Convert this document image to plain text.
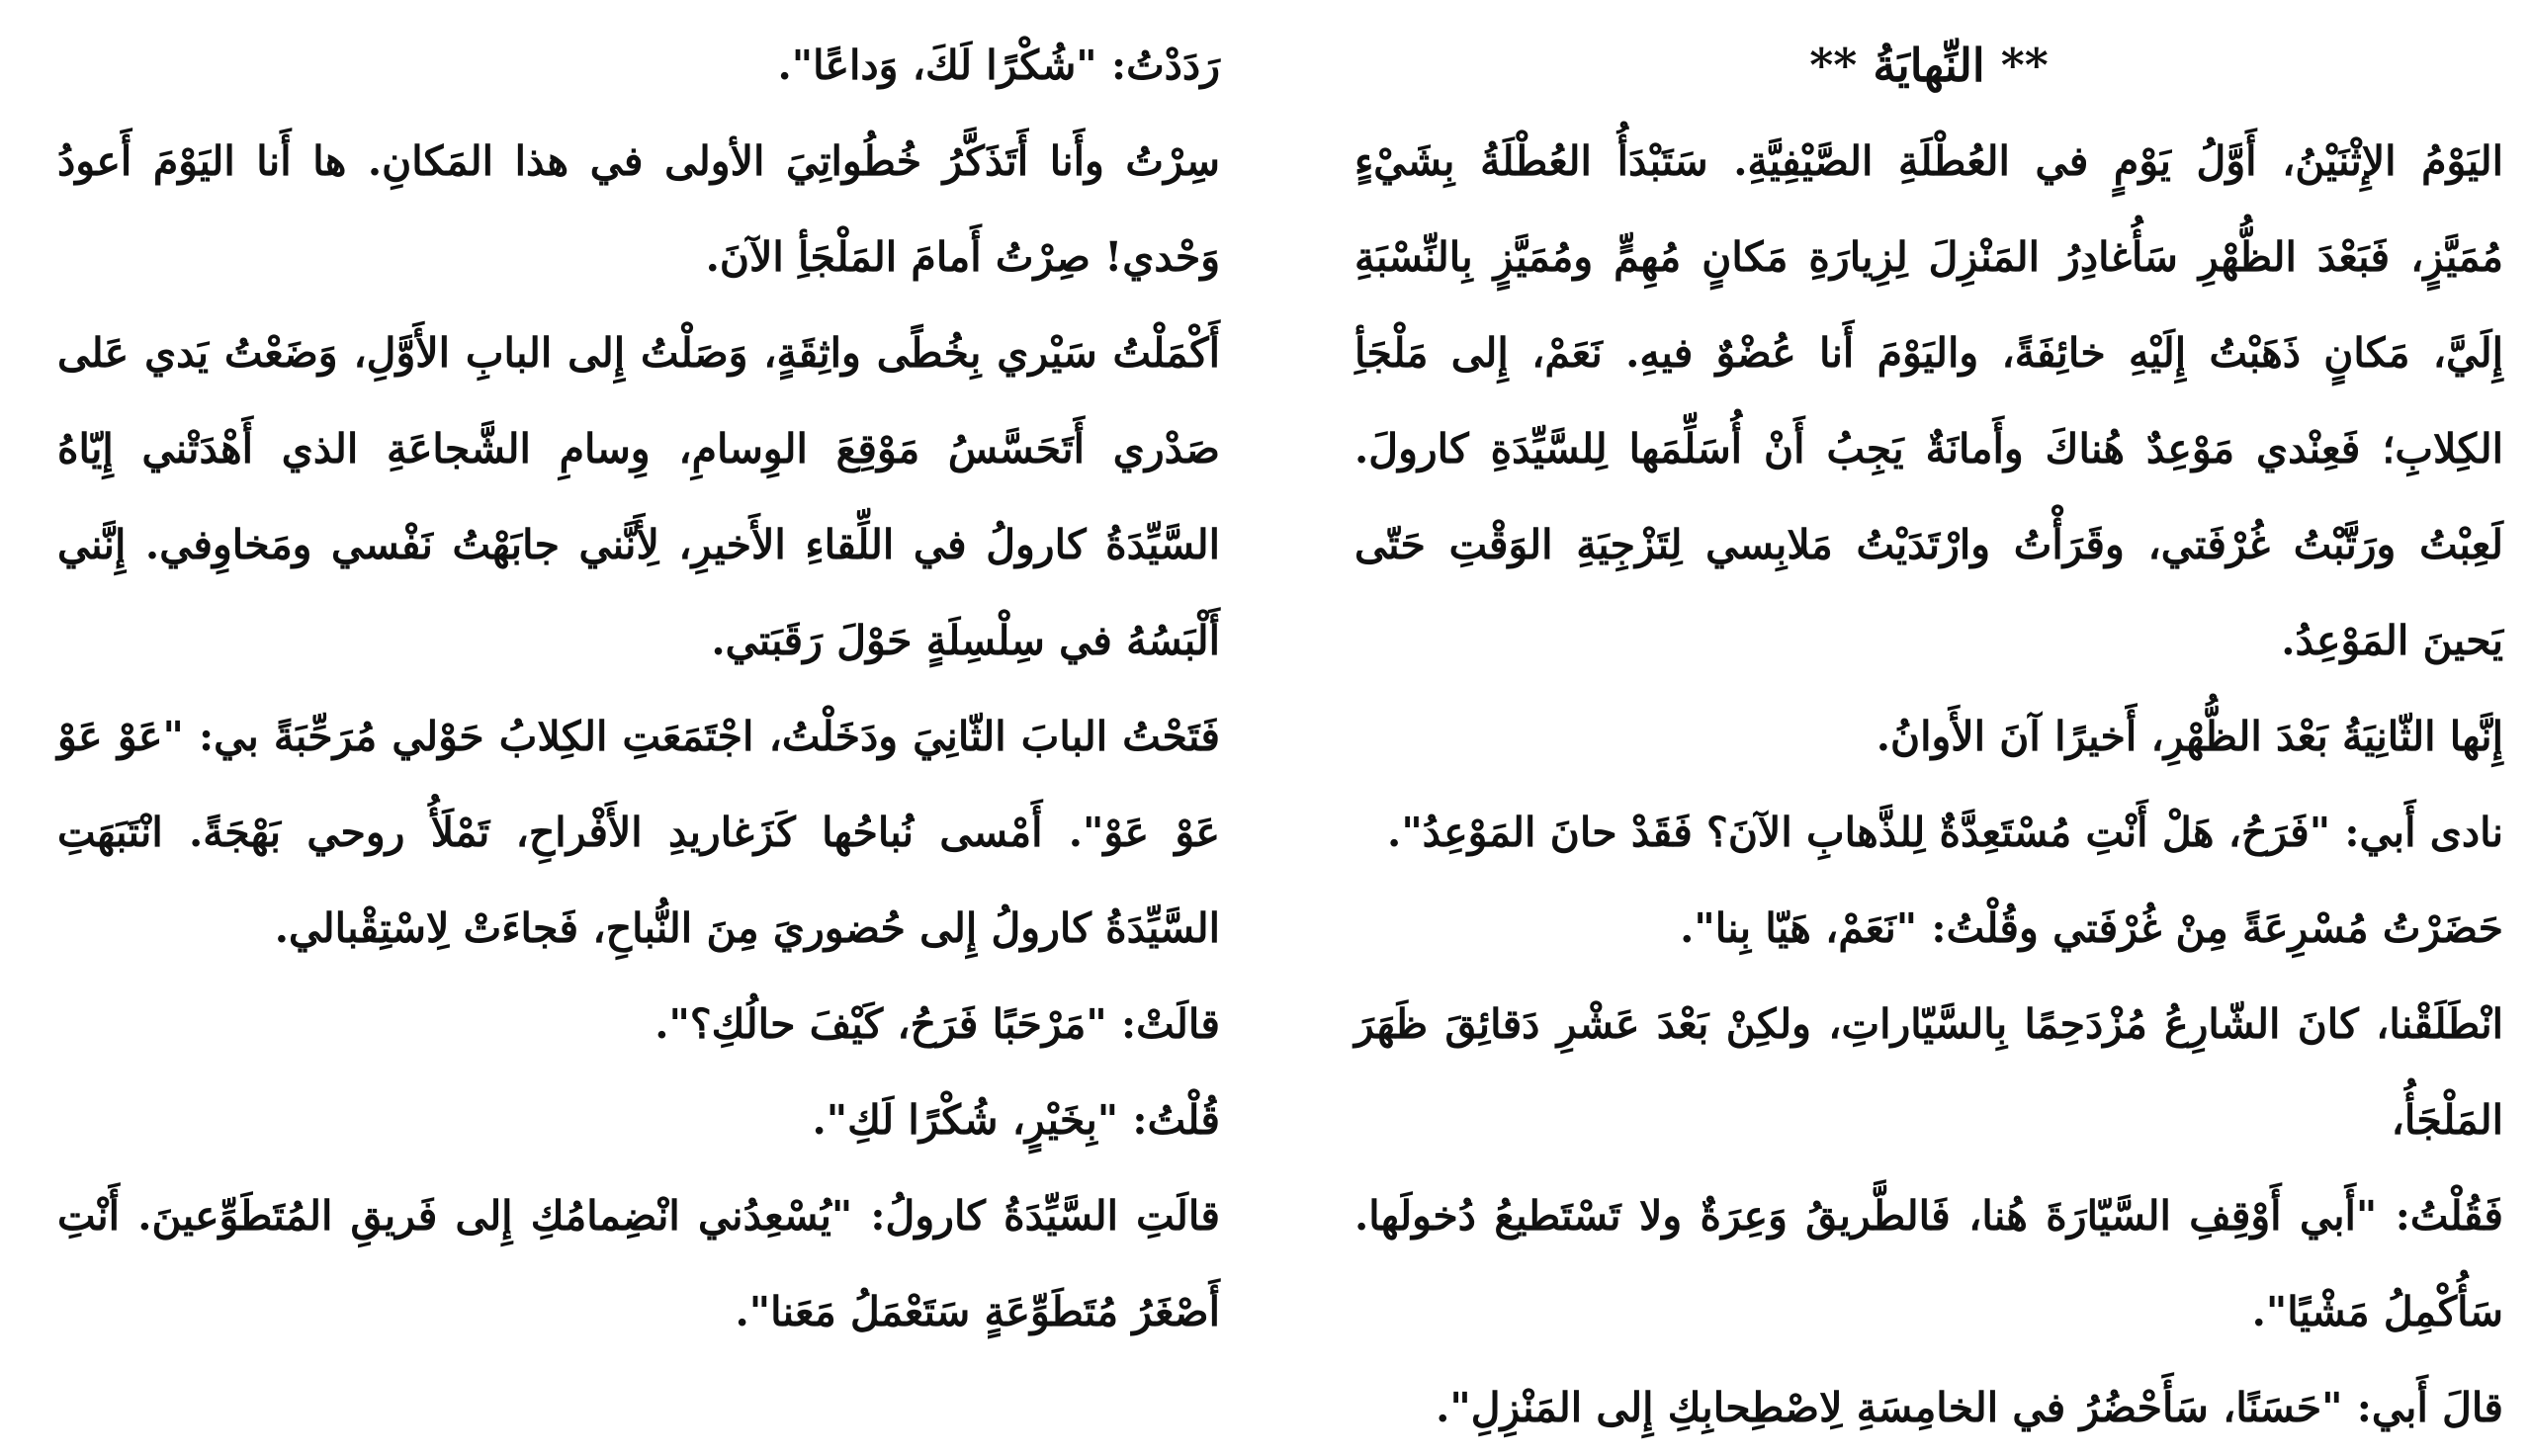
** النِّهايَةُ **

اليَوْمُ الإِثْنَيْنُ، أَوَّلُ يَوْمٍ في العُطْلَةِ الصَّيْفِيَّةِ. سَتَبْدَأُ العُطْلَةُ بِشَيْءٍ مُمَيَّزٍ، فَبَعْدَ الظُّهْرِ سَأُغادِرُ المَنْزِلَ لِزِيارَةِ مَكانٍ مُهِمٍّ ومُمَيَّزٍ بِالنِّسْبَةِ إِلَيَّ، مَكانٍ ذَهَبْتُ إِلَيْهِ خائِفَةً، واليَوْمَ أَنا عُضْوٌ فيهِ. نَعَمْ، إِلى مَلْجَأِ الكِلابِ؛ فَعِنْدي مَوْعِدٌ هُناكَ وأَمانَةٌ يَجِبُ أَنْ أُسَلِّمَها لِلسَّيِّدَةِ كارولَ. لَعِبْتُ ورَتَّبْتُ غُرْفَتي، وقَرَأْتُ وارْتَدَيْتُ مَلابِسي لِتَزْجِيَةِ الوَقْتِ حَتّى يَحينَ المَوْعِدُ.

إِنَّها الثّانِيَةُ بَعْدَ الظُّهْرِ، أَخيرًا آنَ الأَوانُ.

نادى أَبي: "فَرَحُ، هَلْ أَنْتِ مُسْتَعِدَّةٌ لِلذَّهابِ الآنَ؟ فَقَدْ حانَ المَوْعِدُ".

حَضَرْتُ مُسْرِعَةً مِنْ غُرْفَتي وقُلْتُ: "نَعَمْ، هَيّا بِنا".

انْطَلَقْنا، كانَ الشّارِعُ مُزْدَحِمًا بِالسَّيّاراتِ، ولكِنْ بَعْدَ عَشْرِ دَقائِقَ ظَهَرَ المَلْجَأُ،

فَقُلْتُ: "أَبي أَوْقِفِ السَّيّارَةَ هُنا، فَالطَّريقُ وَعِرَةٌ ولا تَسْتَطيعُ دُخولَها. سَأُكْمِلُ مَشْيًا".

قالَ أَبي: "حَسَنًا، سَأَحْضُرُ في الخامِسَةِ لِاصْطِحابِكِ إِلى المَنْزِلِ".

رَدَدْتُ: "شُكْرًا لَكَ، وَداعًا".

سِرْتُ وأَنا أَتَذَكَّرُ خُطُواتِيَ الأولى في هذا المَكانِ. ها أَنا اليَوْمَ أَعودُ وَحْدي! صِرْتُ أَمامَ المَلْجَأِ الآنَ.

أَكْمَلْتُ سَيْري بِخُطًى واثِقَةٍ، وَصَلْتُ إِلى البابِ الأَوَّلِ، وَضَعْتُ يَدي عَلى صَدْري أَتَحَسَّسُ مَوْقِعَ الوِسامِ، وِسامِ الشَّجاعَةِ الذي أَهْدَتْني إِيّاهُ السَّيِّدَةُ كارولُ في اللِّقاءِ الأَخيرِ، لِأَنَّني جابَهْتُ نَفْسي ومَخاوِفي. إِنَّني أَلْبَسُهُ في سِلْسِلَةٍ حَوْلَ رَقَبَتي.

فَتَحْتُ البابَ الثّانِيَ ودَخَلْتُ، اجْتَمَعَتِ الكِلابُ حَوْلي مُرَحِّبَةً بي: "عَوْ عَوْ عَوْ عَوْ". أَمْسى نُباحُها كَزَغاريدِ الأَفْراحِ، تَمْلَأُ روحي بَهْجَةً. انْتَبَهَتِ السَّيِّدَةُ كارولُ إِلى حُضوريَ مِنَ النُّباحِ، فَجاءَتْ لِاسْتِقْبالي.

قالَتْ: "مَرْحَبًا فَرَحُ، كَيْفَ حالُكِ؟".

قُلْتُ: "بِخَيْرٍ، شُكْرًا لَكِ".

قالَتِ السَّيِّدَةُ كارولُ: "يُسْعِدُني انْضِمامُكِ إِلى فَريقِ المُتَطَوِّعينَ. أَنْتِ أَصْغَرُ مُتَطَوِّعَةٍ سَتَعْمَلُ مَعَنا".
